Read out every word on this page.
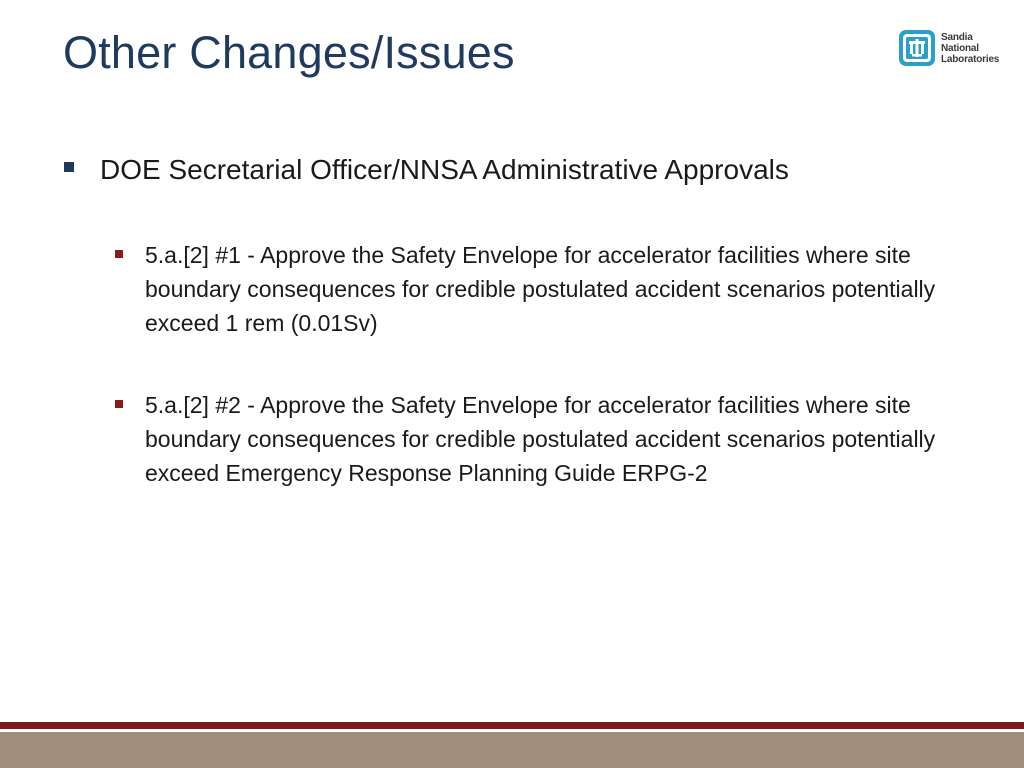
Other Changes/Issues	Sandia
National
Laboratories
DOE Secretarial Officer/NNSA Administrative Approvals
5.a.[2] #1 - Approve the Safety Envelope for accelerator facilities where site boundary consequences for credible postulated accident scenarios potentially exceed 1 rem (0.01Sv)
5.a.[2] #2 - Approve the Safety Envelope for accelerator facilities where site boundary consequences for credible postulated accident scenarios potentially exceed Emergency Response Planning Guide ERPG-2
